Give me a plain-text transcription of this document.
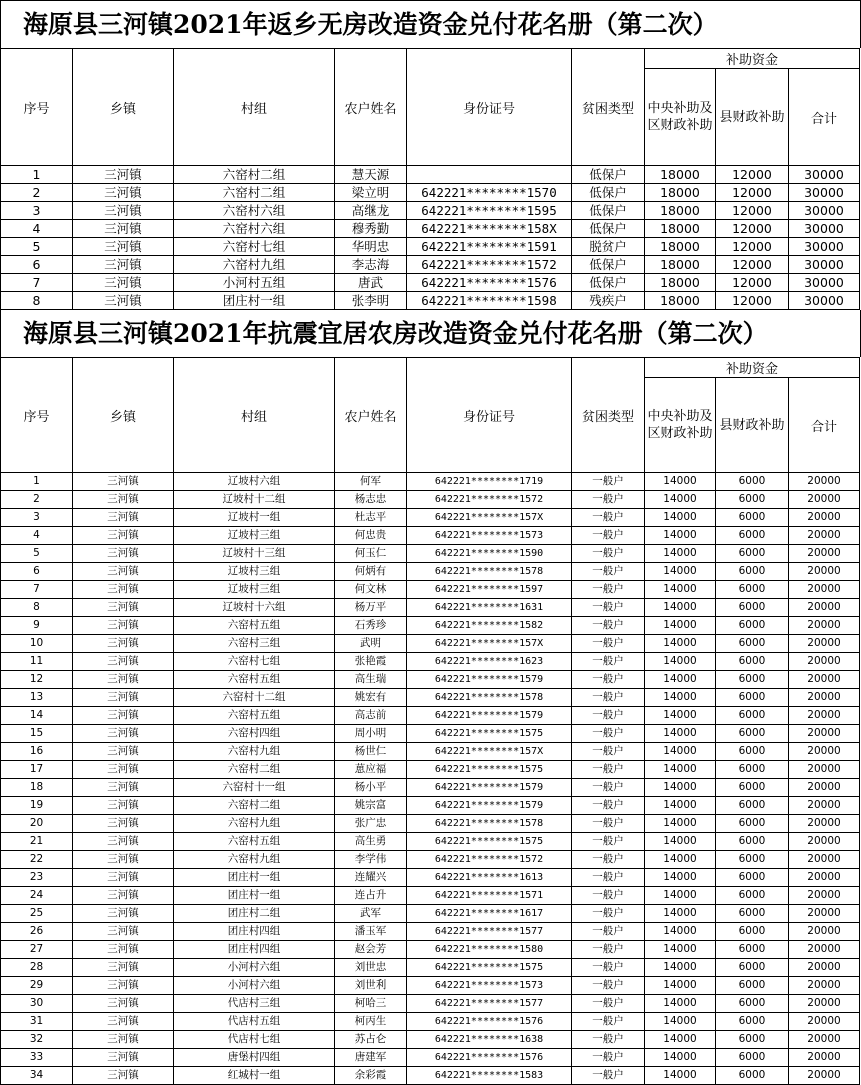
海原县三河镇2021年返乡无房改造资金兑付花名册（第二次）
序号	乡镇	村组	农户姓名	身份证号	贫困类型	补助资金		
						中央补助及区财政补助	县财政补助	合计
1	三河镇	六窑村二组	慧天源		低保户	18000	12000	30000
2	三河镇	六窑村二组	梁立明	642221********1570	低保户	18000	12000	30000
3	三河镇	六窑村六组	高继龙	642221********1595	低保户	18000	12000	30000
4	三河镇	六窑村六组	穆秀勤	642221********158X	低保户	18000	12000	30000
5	三河镇	六窑村七组	华明忠	642221********1591	脱贫户	18000	12000	30000
6	三河镇	六窑村九组	李志海	642221********1572	低保户	18000	12000	30000
7	三河镇	小河村五组	唐武	642221********1576	低保户	18000	12000	30000
8	三河镇	团庄村一组	张李明	642221********1598	残疾户	18000	12000	30000
海原县三河镇2021年抗震宜居农房改造资金兑付花名册（第二次）
序号	乡镇	村组	农户姓名	身份证号	贫困类型	补助资金		
						中央补助及区财政补助	县财政补助	合计
1	三河镇	辽坡村六组	何军	642221********1719	一般户	14000	6000	20000
2	三河镇	辽坡村十二组	杨志忠	642221********1572	一般户	14000	6000	20000
3	三河镇	辽坡村一组	杜志平	642221********157X	一般户	14000	6000	20000
4	三河镇	辽坡村三组	何忠贵	642221********1573	一般户	14000	6000	20000
5	三河镇	辽坡村十三组	何玉仁	642221********1590	一般户	14000	6000	20000
6	三河镇	辽坡村三组	何炳有	642221********1578	一般户	14000	6000	20000
7	三河镇	辽坡村三组	何文林	642221********1597	一般户	14000	6000	20000
8	三河镇	辽坡村十六组	杨万平	642221********1631	一般户	14000	6000	20000
9	三河镇	六窑村五组	石秀珍	642221********1582	一般户	14000	6000	20000
10	三河镇	六窑村三组	武明	642221********157X	一般户	14000	6000	20000
11	三河镇	六窑村七组	张艳霞	642221********1623	一般户	14000	6000	20000
12	三河镇	六窑村五组	高生瑞	642221********1579	一般户	14000	6000	20000
13	三河镇	六窑村十二组	姚宏有	642221********1578	一般户	14000	6000	20000
14	三河镇	六窑村五组	高志前	642221********1579	一般户	14000	6000	20000
15	三河镇	六窑村四组	周小明	642221********1575	一般户	14000	6000	20000
16	三河镇	六窑村九组	杨世仁	642221********157X	一般户	14000	6000	20000
17	三河镇	六窑村二组	葸应福	642221********1575	一般户	14000	6000	20000
18	三河镇	六窑村十一组	杨小平	642221********1579	一般户	14000	6000	20000
19	三河镇	六窑村二组	姚宗富	642221********1579	一般户	14000	6000	20000
20	三河镇	六窑村九组	张广忠	642221********1578	一般户	14000	6000	20000
21	三河镇	六窑村五组	高生勇	642221********1575	一般户	14000	6000	20000
22	三河镇	六窑村九组	李学伟	642221********1572	一般户	14000	6000	20000
23	三河镇	团庄村一组	连耀兴	642221********1613	一般户	14000	6000	20000
24	三河镇	团庄村一组	连占升	642221********1571	一般户	14000	6000	20000
25	三河镇	团庄村二组	武军	642221********1617	一般户	14000	6000	20000
26	三河镇	团庄村四组	潘玉军	642221********1577	一般户	14000	6000	20000
27	三河镇	团庄村四组	赵会芳	642221********1580	一般户	14000	6000	20000
28	三河镇	小河村六组	刘世忠	642221********1575	一般户	14000	6000	20000
29	三河镇	小河村六组	刘世利	642221********1573	一般户	14000	6000	20000
30	三河镇	代店村三组	柯哈三	642221********1577	一般户	14000	6000	20000
31	三河镇	代店村五组	柯丙生	642221********1576	一般户	14000	6000	20000
32	三河镇	代店村七组	苏占仑	642221********1638	一般户	14000	6000	20000
33	三河镇	唐堡村四组	唐建军	642221********1576	一般户	14000	6000	20000
34	三河镇	红城村一组	余彩霞	642221********1583	一般户	14000	6000	20000
